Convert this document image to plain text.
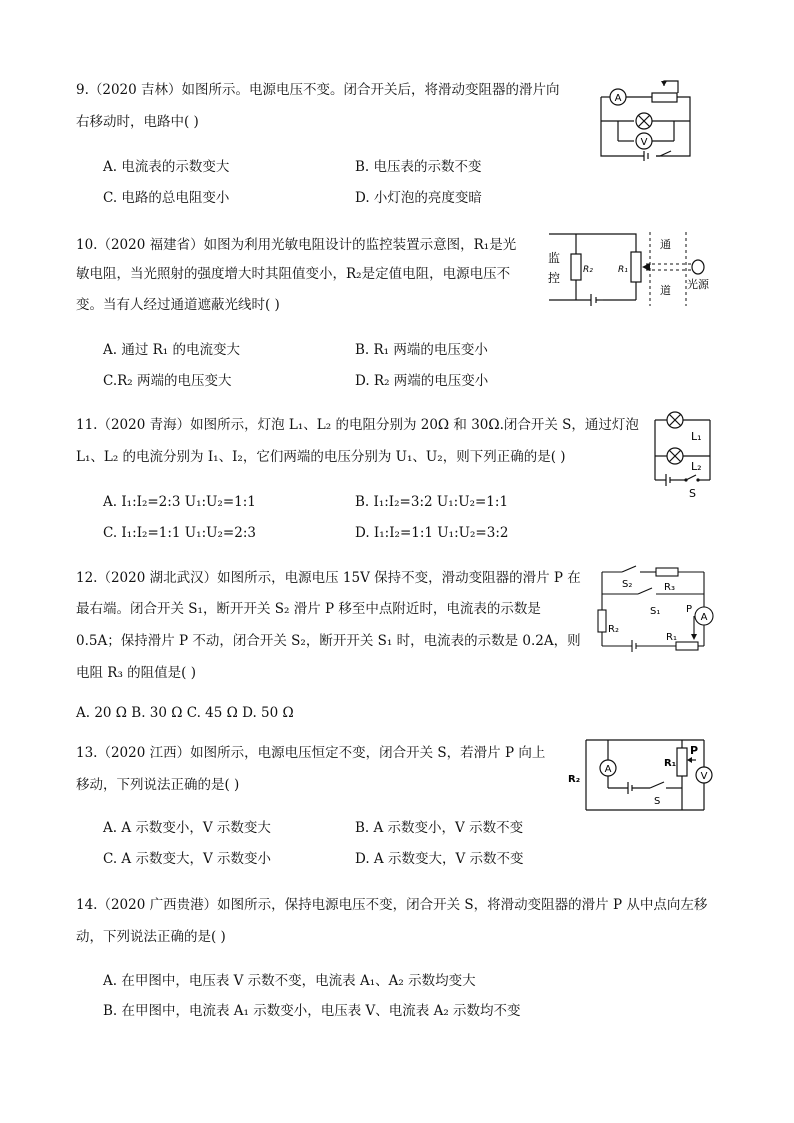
9.（2020 吉林）如图所示。电源电压不变。闭合开关后，将滑动变阻器的滑片向
右移动时，电路中( )
A. 电流表的示数变大	B. 电压表的示数不变
C. 电路的总电阻变小	D. 小灯泡的亮度变暗
A
V
10.（2020 福建省）如图为利用光敏电阻设计的监控装置示意图，R₁是光
敏电阻，当光照射的强度增大时其阻值变小，R₂是定值电阻，电源电压不
变。当有人经过通道遮蔽光线时( )
A. 通过 R₁ 的电流变大	B. R₁ 两端的电压变小
C.R₂ 两端的电压变大	D. R₂ 两端的电压变小
监
控
R₂	R₁
通
道 光源
11.（2020 青海）如图所示，灯泡 L₁、L₂ 的电阻分别为 20Ω 和 30Ω.闭合开关 S，通过灯泡
L₁、L₂ 的电流分别为 I₁、I₂，它们两端的电压分别为 U₁、U₂，则下列正确的是( )
A. I₁:I₂=2:3 U₁:U₂=1:1	B. I₁:I₂=3:2 U₁:U₂=1:1
C. I₁:I₂=1:1 U₁:U₂=2:3	D. I₁:I₂=1:1 U₁:U₂=3:2
L₁
L₂
S
12.（2020 湖北武汉）如图所示，电源电压 15V 保持不变，滑动变阻器的滑片 P 在
最右端。闭合开关 S₁，断开开关 S₂ 滑片 P 移至中点附近时，电流表的示数是
0.5A；保持滑片 P 不动，闭合开关 S₂，断开开关 S₁ 时，电流表的示数是 0.2A，则
电阻 R₃ 的阻值是( )
A. 20 Ω B. 30 Ω C. 45 Ω D. 50 Ω
S₂	R₃
S₁	P
A
R₂
R₁
13.（2020 江西）如图所示，电源电压恒定不变，闭合开关 S，若滑片 P 向上
移动，下列说法正确的是( )
A. A 示数变小，V 示数变大	B. A 示数变小，V 示数不变
C. A 示数变大，V 示数变小	D. A 示数变大，V 示数不变
R₂
A
R₁
P
V
S
14.（2020 广西贵港）如图所示，保持电源电压不变，闭合开关 S，将滑动变阻器的滑片 P 从中点向左移
动，下列说法正确的是( )
A. 在甲图中，电压表 V 示数不变，电流表 A₁、A₂ 示数均变大
B. 在甲图中，电流表 A₁ 示数变小，电压表 V、电流表 A₂ 示数均不变
